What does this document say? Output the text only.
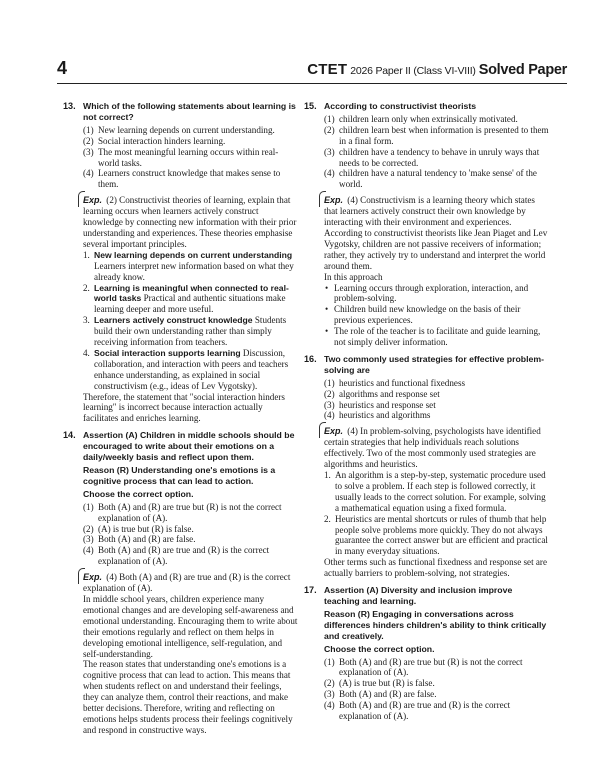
4	CTET 2026 Paper II (Class VI-VIII) Solved Paper
13. Which of the following statements about learning is not correct?
(1) New learning depends on current understanding.
(2) Social interaction hinders learning.
(3) The most meaningful learning occurs within real-world tasks.
(4) Learners construct knowledge that makes sense to them.

Exp. (2) Constructivist theories of learning, explain that learning occurs when learners actively construct knowledge by connecting new information with their prior understanding and experiences. These theories emphasise several important principles.

1. New learning depends on current understanding
Learners interpret new information based on what they already know.
2. Learning is meaningful when connected to real-world tasks Practical and authentic situations make learning deeper and more useful.
3. Learners actively construct knowledge Students build their own understanding rather than simply receiving information from teachers.
4. Social interaction supports learning Discussion, collaboration, and interaction with peers and teachers enhance understanding, as explained in social constructivism (e.g., ideas of Lev Vygotsky).

Therefore, the statement that "social interaction hinders learning" is incorrect because interaction actually facilitates and enriches learning.

14. Assertion (A) Children in middle schools should be encouraged to write about their emotions on a daily/weekly basis and reflect upon them.
Reason (R) Understanding one's emotions is a cognitive process that can lead to action.
Choose the correct option.
(1) Both (A) and (R) are true but (R) is not the correct explanation of (A).
(2) (A) is true but (R) is false.
(3) Both (A) and (R) are false.
(4) Both (A) and (R) are true and (R) is the correct explanation of (A).

Exp. (4) Both (A) and (R) are true and (R) is the correct explanation of (A).

In middle school years, children experience many emotional changes and are developing self-awareness and emotional understanding. Encouraging them to write about their emotions regularly and reflect on them helps in developing emotional intelligence, self-regulation, and self-understanding.

The reason states that understanding one's emotions is a cognitive process that can lead to action. This means that when students reflect on and understand their feelings, they can analyze them, control their reactions, and make better decisions. Therefore, writing and reflecting on emotions helps students process their feelings cognitively and respond in constructive ways.

15. According to constructivist theorists
(1) children learn only when extrinsically motivated.
(2) children learn best when information is presented to them in a final form.
(3) children have a tendency to behave in unruly ways that needs to be corrected.
(4) children have a natural tendency to 'make sense' of the world.

Exp. (4) Constructivism is a learning theory which states that learners actively construct their own knowledge by interacting with their environment and experiences. According to constructivist theorists like Jean Piaget and Lev Vygotsky, children are not passive receivers of information; rather, they actively try to understand and interpret the world around them.

In this approach

• Learning occurs through exploration, interaction, and problem-solving.
• Children build new knowledge on the basis of their previous experiences.
• The role of the teacher is to facilitate and guide learning, not simply deliver information.
16. Two commonly used strategies for effective problem-solving are
(1) heuristics and functional fixedness
(2) algorithms and response set
(3) heuristics and response set
(4) heuristics and algorithms

Exp. (4) In problem-solving, psychologists have identified certain strategies that help individuals reach solutions effectively. Two of the most commonly used strategies are algorithms and heuristics.

1. An algorithm is a step-by-step, systematic procedure used to solve a problem. If each step is followed correctly, it usually leads to the correct solution. For example, solving a mathematical equation using a fixed formula.
2. Heuristics are mental shortcuts or rules of thumb that help people solve problems more quickly. They do not always guarantee the correct answer but are efficient and practical in many everyday situations.

Other terms such as functional fixedness and response set are actually barriers to problem-solving, not strategies.

17. Assertion (A) Diversity and inclusion improve teaching and learning.
Reason (R) Engaging in conversations across differences hinders children's ability to think critically and creatively.
Choose the correct option.
(1) Both (A) and (R) are true but (R) is not the correct explanation of (A).
(2) (A) is true but (R) is false.
(3) Both (A) and (R) are false.
(4) Both (A) and (R) are true and (R) is the correct explanation of (A).
